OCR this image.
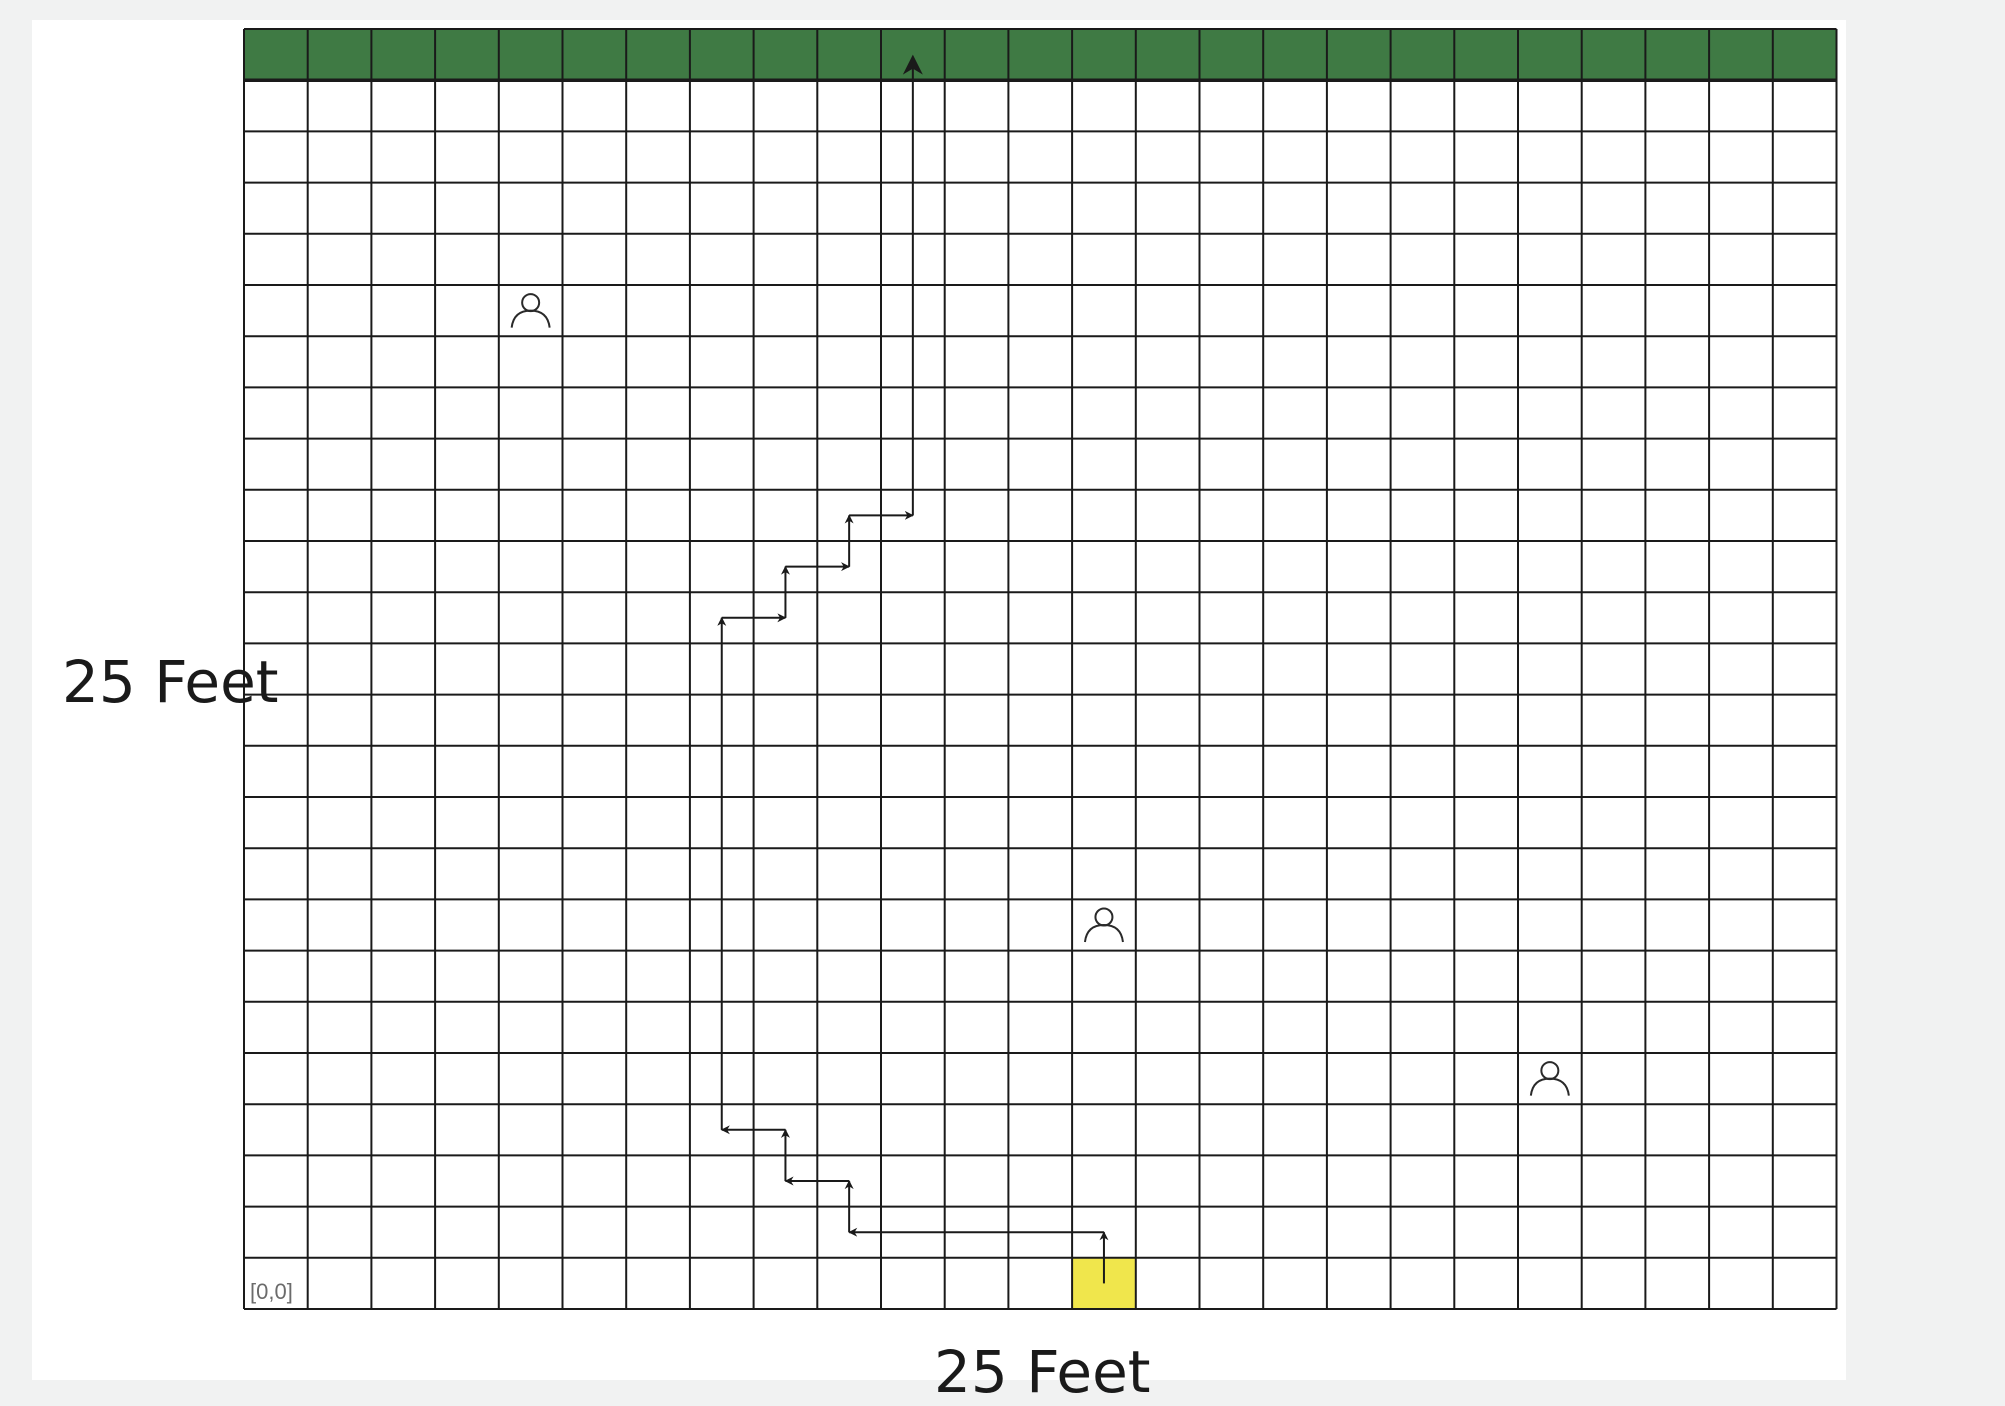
[0,0]
25 Feet
25 Feet
